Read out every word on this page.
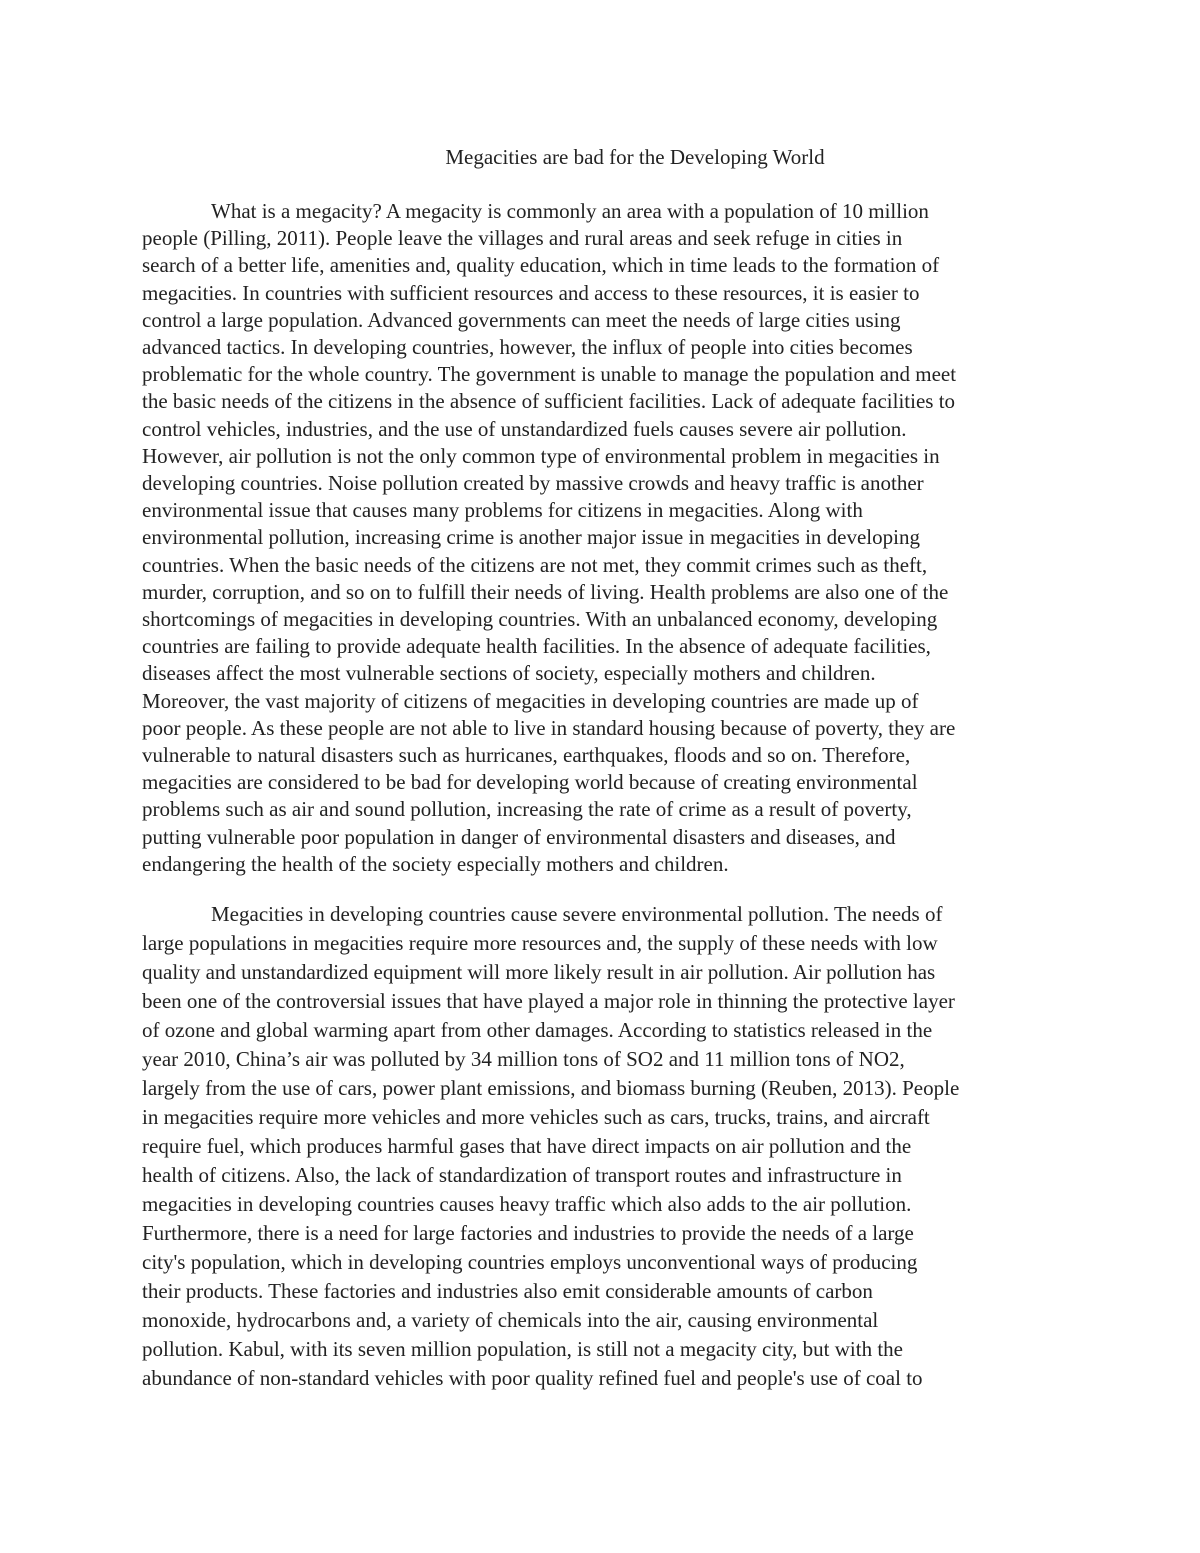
Megacities are bad for the Developing World
What is a megacity? A megacity is commonly an area with a population of 10 million
people (Pilling, 2011). People leave the villages and rural areas and seek refuge in cities in
search of a better life, amenities and, quality education, which in time leads to the formation of
megacities. In countries with sufficient resources and access to these resources, it is easier to
control a large population. Advanced governments can meet the needs of large cities using
advanced tactics. In developing countries, however, the influx of people into cities becomes
problematic for the whole country. The government is unable to manage the population and meet
the basic needs of the citizens in the absence of sufficient facilities. Lack of adequate facilities to
control vehicles, industries, and the use of unstandardized fuels causes severe air pollution.
However, air pollution is not the only common type of environmental problem in megacities in
developing countries. Noise pollution created by massive crowds and heavy traffic is another
environmental issue that causes many problems for citizens in megacities. Along with
environmental pollution, increasing crime is another major issue in megacities in developing
countries. When the basic needs of the citizens are not met, they commit crimes such as theft,
murder, corruption, and so on to fulfill their needs of living. Health problems are also one of the
shortcomings of megacities in developing countries. With an unbalanced economy, developing
countries are failing to provide adequate health facilities. In the absence of adequate facilities,
diseases affect the most vulnerable sections of society, especially mothers and children.
Moreover, the vast majority of citizens of megacities in developing countries are made up of
poor people. As these people are not able to live in standard housing because of poverty, they are
vulnerable to natural disasters such as hurricanes, earthquakes, floods and so on. Therefore,
megacities are considered to be bad for developing world because of creating environmental
problems such as air and sound pollution, increasing the rate of crime as a result of poverty,
putting vulnerable poor population in danger of environmental disasters and diseases, and
endangering the health of the society especially mothers and children.
Megacities in developing countries cause severe environmental pollution. The needs of
large populations in megacities require more resources and, the supply of these needs with low
quality and unstandardized equipment will more likely result in air pollution. Air pollution has
been one of the controversial issues that have played a major role in thinning the protective layer
of ozone and global warming apart from other damages. According to statistics released in the
year 2010, China’s air was polluted by 34 million tons of SO2 and 11 million tons of NO2,
largely from the use of cars, power plant emissions, and biomass burning (Reuben, 2013). People
in megacities require more vehicles and more vehicles such as cars, trucks, trains, and aircraft
require fuel, which produces harmful gases that have direct impacts on air pollution and the
health of citizens. Also, the lack of standardization of transport routes and infrastructure in
megacities in developing countries causes heavy traffic which also adds to the air pollution.
Furthermore, there is a need for large factories and industries to provide the needs of a large
city's population, which in developing countries employs unconventional ways of producing
their products. These factories and industries also emit considerable amounts of carbon
monoxide, hydrocarbons and, a variety of chemicals into the air, causing environmental
pollution. Kabul, with its seven million population, is still not a megacity city, but with the
abundance of non-standard vehicles with poor quality refined fuel and people's use of coal to
